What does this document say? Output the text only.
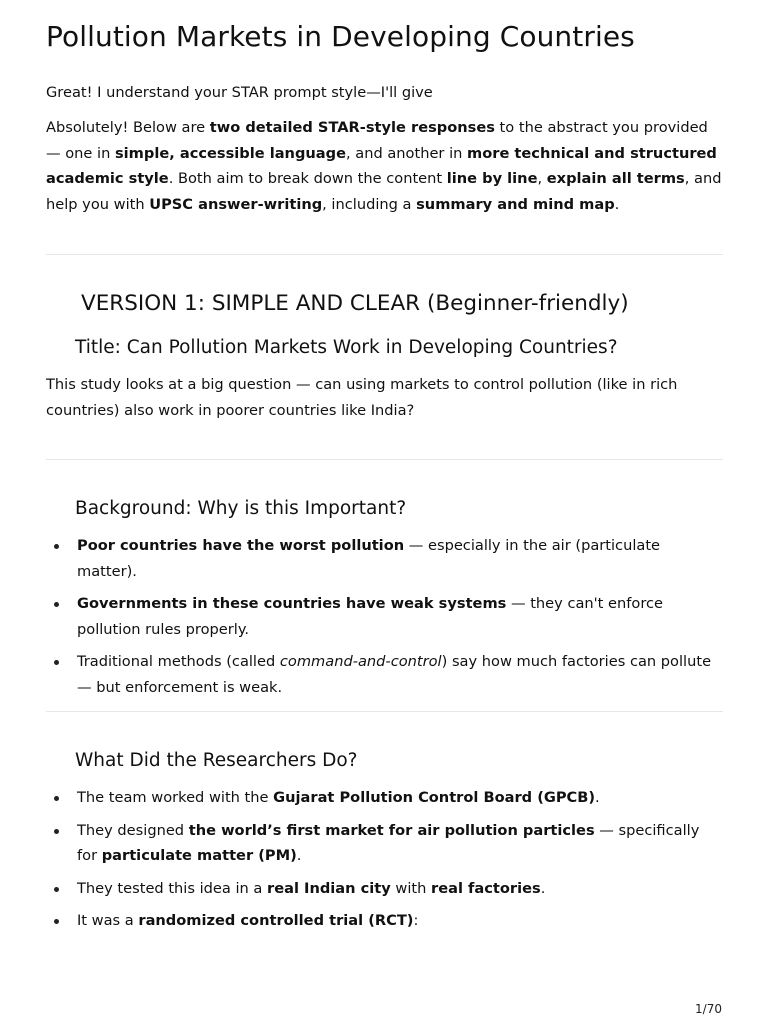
Pollution Markets in Developing Countries

Great! I understand your STAR prompt style—I'll give

Absolutely! Below are two detailed STAR-style responses to the abstract you provided — one in simple, accessible language, and another in more technical and structured academic style. Both aim to break down the content line by line, explain all terms, and help you with UPSC answer-writing, including a summary and mind map.

VERSION 1: SIMPLE AND CLEAR (Beginner-friendly)
Title: Can Pollution Markets Work in Developing Countries?

This study looks at a big question — can using markets to control pollution (like in rich countries) also work in poorer countries like India?

Background: Why is this Important?
Poor countries have the worst pollution — especially in the air (particulate matter).
Governments in these countries have weak systems — they can't enforce pollution rules properly.
Traditional methods (called command-and-control) say how much factories can pollute — but enforcement is weak.
What Did the Researchers Do?
The team worked with the Gujarat Pollution Control Board (GPCB).
They designed the world’s first market for air pollution particles — specifically for particulate matter (PM).
They tested this idea in a real Indian city with real factories.
It was a randomized controlled trial (RCT):
1/70
